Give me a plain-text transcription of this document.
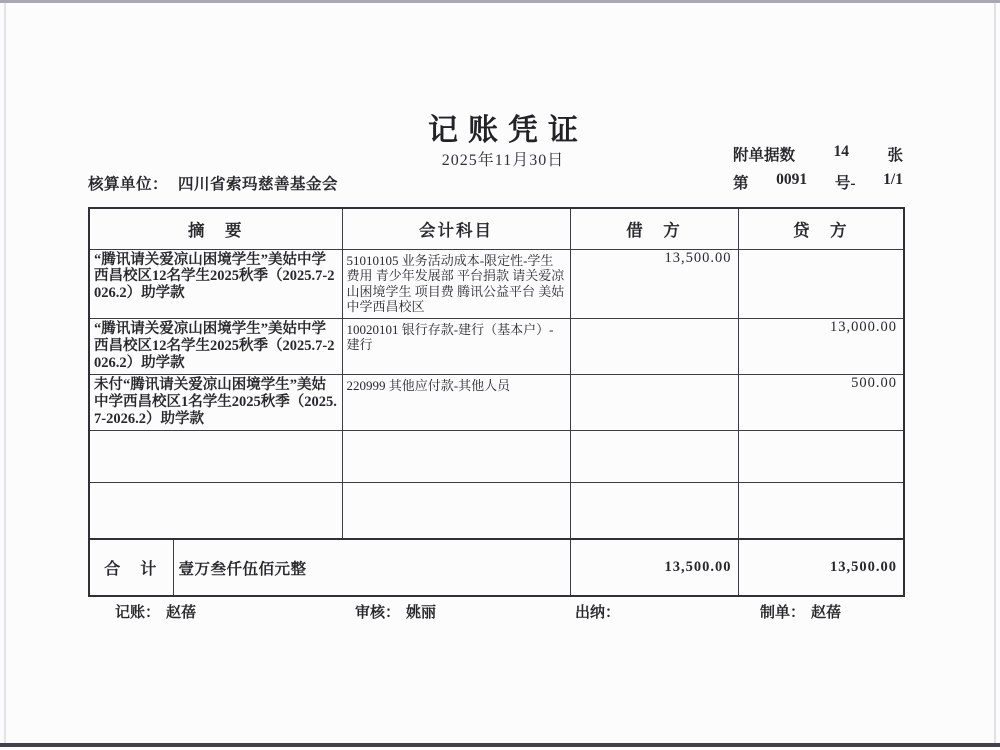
记账凭证
2025年11月30日	附单据数 14 张
第 0091 号- 1/1
核算单位： 四川省索玛慈善基金会
摘　要		会计科目	借　方	贷　方
“腾讯请关爱凉山困境学生”美姑中学西昌校区12名学生2025秋季（2025.7-2026.2）助学款		51010105 业务活动成本-限定性-学生费用 青少年发展部 平台捐款 请关爱凉山困境学生 项目费 腾讯公益平台 美姑中学西昌校区	13,500.00	
“腾讯请关爱凉山困境学生”美姑中学西昌校区12名学生2025秋季（2025.7-2026.2）助学款		10020101 银行存款-建行（基本户）-建行		13,000.00
未付“腾讯请关爱凉山困境学生”美姑中学西昌校区1名学生2025秋季（2025.7-2026.2）助学款		220999 其他应付款-其他人员		500.00

合　计	壹万叁仟伍佰元整		13,500.00	13,500.00
记账： 赵蓓	审核： 姚丽	出纳：	制单： 赵蓓
